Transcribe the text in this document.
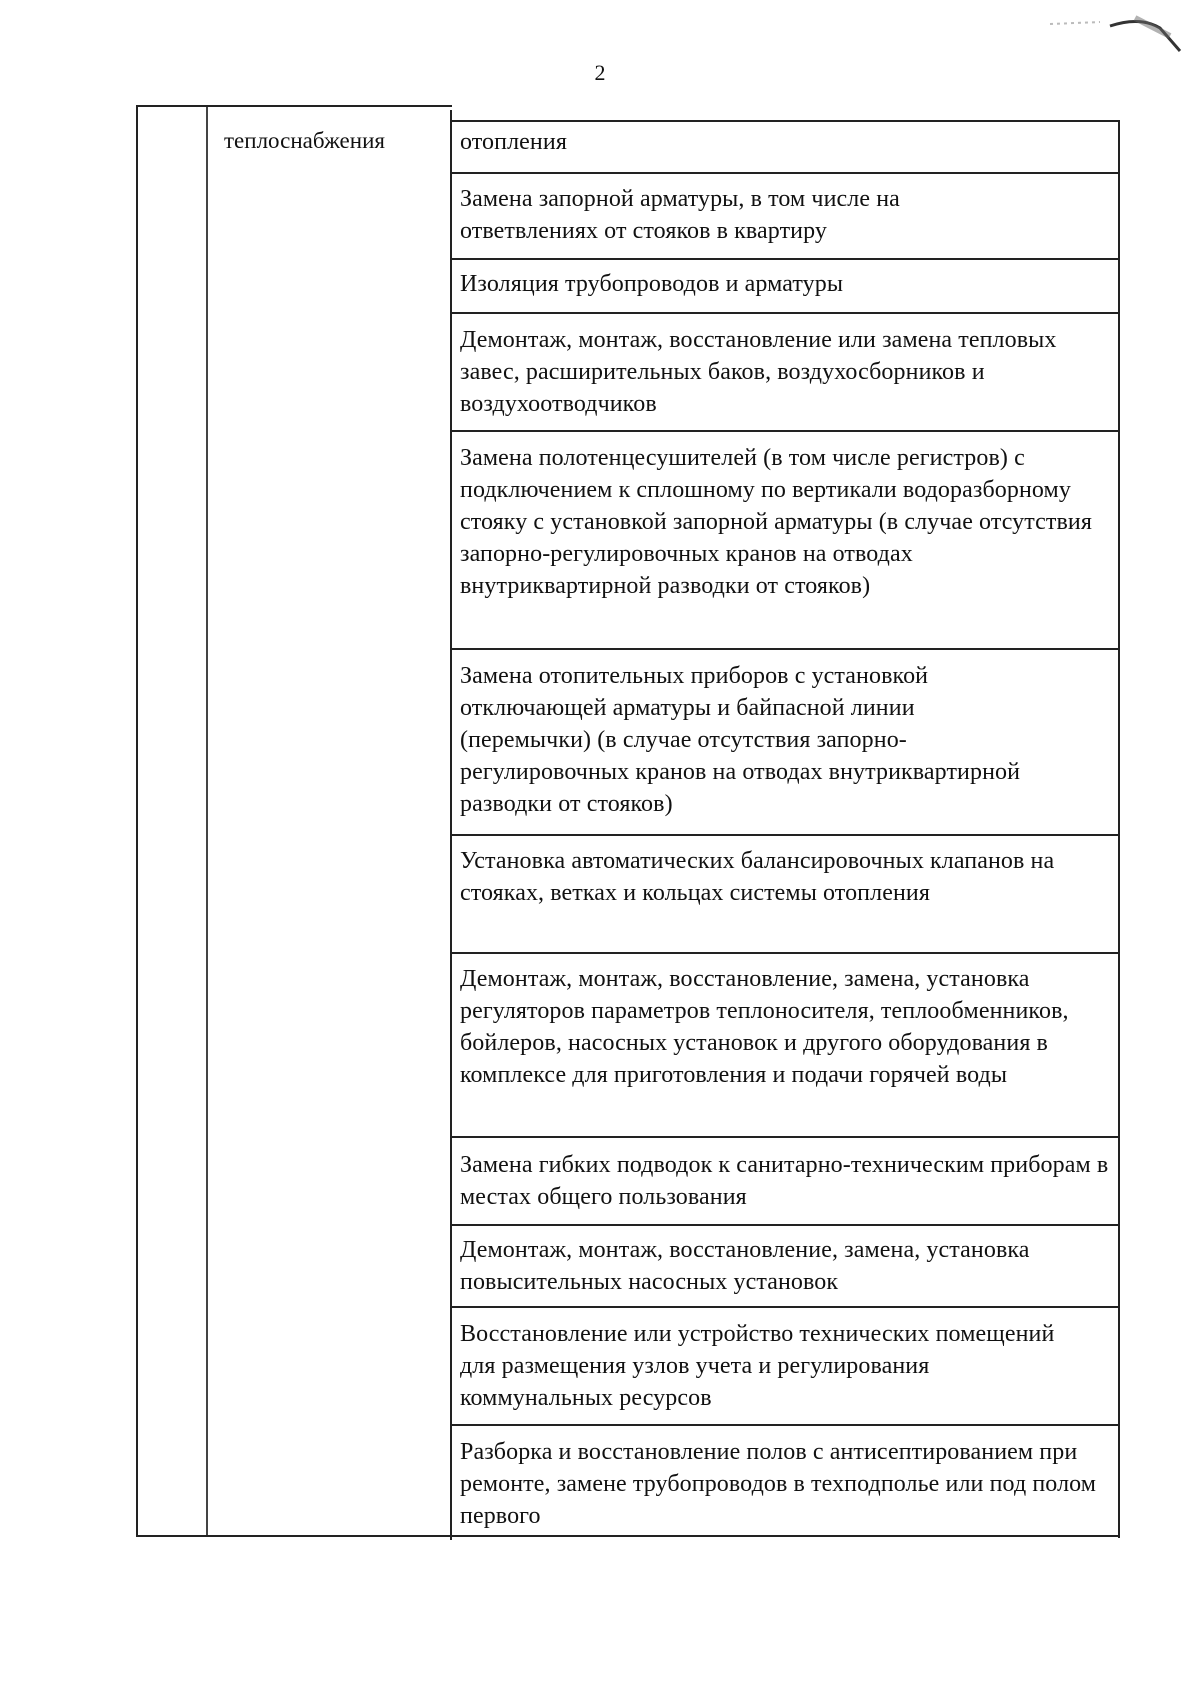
2
теплоснабжения	отопления
Замена запорной арматуры, в том числе на ответвлениях от стояков в квартиру
Изоляция трубопроводов и арматуры
Демонтаж, монтаж, восстановление или замена тепловых завес, расширительных баков, воздухосборников и воздухоотводчиков
Замена полотенцесушителей (в том числе регистров) с подключением к сплошному по вертикали водоразборному стояку с установкой запорной арматуры (в случае отсутствия запорно-регулировочных кранов на отводах внутриквартирной разводки от стояков)
Замена отопительных приборов с установкой отключающей арматуры и байпасной линии (перемычки) (в случае отсутствия запорно-регулировочных кранов на отводах внутриквартирной разводки от стояков)
Установка автоматических балансировочных клапанов на стояках, ветках и кольцах системы отопления
Демонтаж, монтаж, восстановление, замена, установка регуляторов параметров теплоносителя, теплообменников, бойлеров, насосных установок и другого оборудования в комплексе для приготовления и подачи горячей воды
Замена гибких подводок к санитарно-техническим приборам в местах общего пользования
Демонтаж, монтаж, восстановление, замена, установка повысительных насосных установок
Восстановление или устройство технических помещений для размещения узлов учета и регулирования коммунальных ресурсов
Разборка и восстановление полов с антисептированием при ремонте, замене трубопроводов в техподполье или под полом первого
